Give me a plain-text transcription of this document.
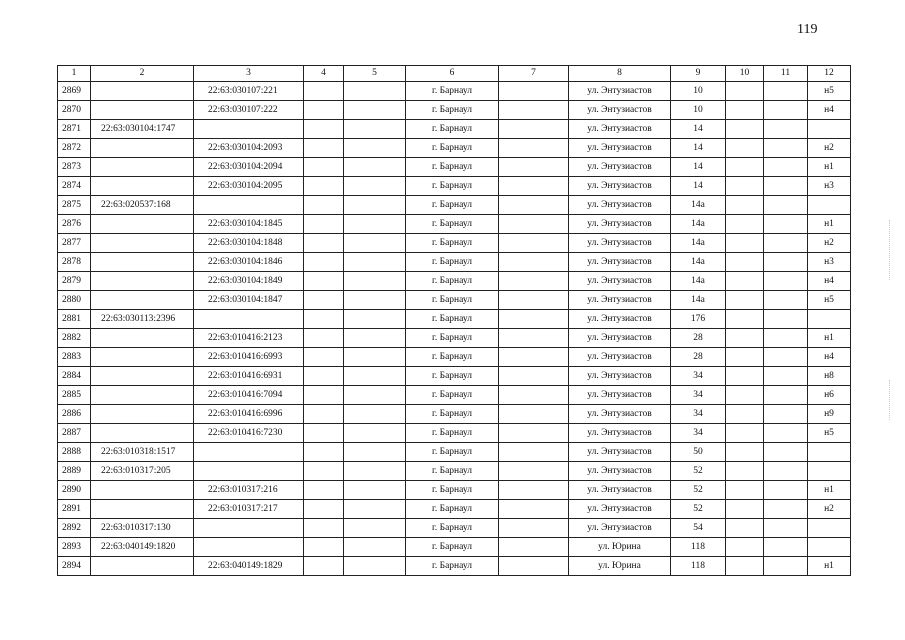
119
1	2	3	4	5	6	7	8	9	10	11	12
2869		22:63:030107:221			г. Барнаул		ул. Энтузиастов	10			н5
2870		22:63:030107:222			г. Барнаул		ул. Энтузиастов	10			н4
2871	22:63:030104:1747				г. Барнаул		ул. Энтузиастов	14			
2872		22:63:030104:2093			г. Барнаул		ул. Энтузиастов	14			н2
2873		22:63:030104:2094			г. Барнаул		ул. Энтузиастов	14			н1
2874		22:63:030104:2095			г. Барнаул		ул. Энтузиастов	14			н3
2875	22:63:020537:168				г. Барнаул		ул. Энтузиастов	14а			
2876		22:63:030104:1845			г. Барнаул		ул. Энтузиастов	14а			н1
2877		22:63:030104:1848			г. Барнаул		ул. Энтузиастов	14а			н2
2878		22:63:030104:1846			г. Барнаул		ул. Энтузиастов	14а			н3
2879		22:63:030104:1849			г. Барнаул		ул. Энтузиастов	14а			н4
2880		22:63:030104:1847			г. Барнаул		ул. Энтузиастов	14а			н5
2881	22:63:030113:2396				г. Барнаул		ул. Энтузиастов	176			
2882		22:63:010416:2123			г. Барнаул		ул. Энтузиастов	28			н1
2883		22:63:010416:6993			г. Барнаул		ул. Энтузиастов	28			н4
2884		22:63:010416:6931			г. Барнаул		ул. Энтузиастов	34			н8
2885		22:63:010416:7094			г. Барнаул		ул. Энтузиастов	34			н6
2886		22:63:010416:6996			г. Барнаул		ул. Энтузиастов	34			н9
2887		22:63:010416:7230			г. Барнаул		ул. Энтузиастов	34			н5
2888	22:63:010318:1517				г. Барнаул		ул. Энтузиастов	50			
2889	22:63:010317:205				г. Барнаул		ул. Энтузиастов	52			
2890		22:63:010317:216			г. Барнаул		ул. Энтузиастов	52			н1
2891		22:63:010317:217			г. Барнаул		ул. Энтузиастов	52			н2
2892	22:63:010317:130				г. Барнаул		ул. Энтузиастов	54			
2893	22:63:040149:1820				г. Барнаул		ул. Юрина	118			
2894		22:63:040149:1829			г. Барнаул		ул. Юрина	118			н1
